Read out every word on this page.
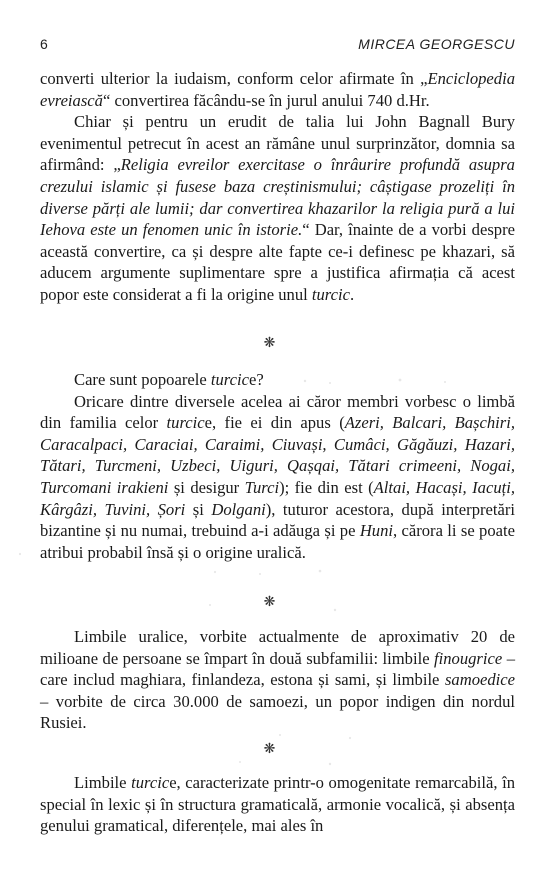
6	MIRCEA GEORGESCU

converti ulterior la iudaism, conform celor afirmate în „Enciclopedia evreiască“ convertirea făcându-se în jurul anului 740 d.Hr.

Chiar și pentru un erudit de talia lui John Bagnall Bury evenimentul petrecut în acest an rămâne unul surprinzător, domnia sa afirmând: „Religia evreilor exercitase o înrâurire profundă asupra crezului islamic și fusese baza creștinismului; câștigase prozeliți în diverse părți ale lumii; dar convertirea khazarilor la religia pură a lui Iehova este un fenomen unic în istorie.“ Dar, înainte de a vorbi despre această convertire, ca și despre alte fapte ce-i definesc pe khazari, să aducem argumente suplimentare spre a justifica afirmația că acest popor este considerat a fi la origine unul turcic.

❋

Care sunt popoarele turcice?

Oricare dintre diversele acelea ai căror membri vorbesc o limbă din familia celor turcice, fie ei din apus (Azeri, Balcari, Bașchiri, Caracalpaci, Caraciai, Caraimi, Ciuvași, Cumâci, Găgăuzi, Hazari, Tătari, Turcmeni, Uzbeci, Uiguri, Qașqai, Tătari crimeeni, Nogai, Turcomani irakieni și desigur Turci); fie din est (Altai, Hacași, Iacuți, Kârgâzi, Tuvini, Șori și Dolgani), tuturor acestora, după interpretări bizantine și nu numai, trebuind a-i adăuga și pe Huni, cărora li se poate atribui probabil însă și o origine uralică.

❋

Limbile uralice, vorbite actualmente de aproximativ 20 de milioane de persoane se împart în două subfamilii: limbile finougrice – care includ maghiara, finlandeza, estona și sami, și limbile samoedice – vorbite de circa 30.000 de samoezi, un popor indigen din nordul Rusiei.

❋

Limbile turcice, caracterizate printr-o omogenitate remarcabilă, în special în lexic și în structura gramaticală, armonie vocalică, și absența genului gramatical, diferențele, mai ales în
